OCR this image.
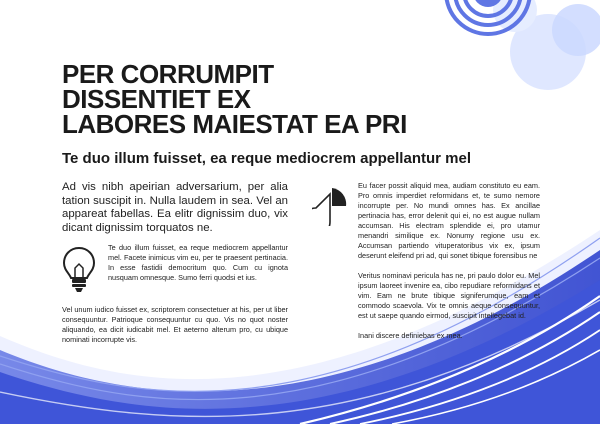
PER CORRUMPIT
DISSENTIET EX
LABORES MAIESTAT EA PRI
Te duo illum fuisset, ea reque mediocrem appellantur mel

Ad vis nibh apeirian adversarium, per alia tation suscipit in. Nulla laudem in sea. Vel an appareat fabellas. Ea elitr dignissim duo, vix dicant dignissim torquatos ne.

Te duo illum fuisset, ea reque mediocrem appellantur mel. Facete inimicus vim eu, per te praesent pertinacia. In esse fastidii democritum quo. Cum cu ignota nusquam omnesque. Sumo ferri quodsi et ius.

Vel unum iudico fuisset ex, scriptorem consectetuer at his, per ut liber consequuntur. Patrioque consequuntur cu quo. Vis no quot noster aliquando, ea dicit iudicabit mel. Et aeterno alterum pro, cu ubique nominati incorrupte vis.

Eu facer possit aliquid mea, audiam constituto eu eam. Pro omnis imperdiet reformidans et, te sumo nemore incorrupte per. No mundi omnes has. Ex ancillae pertinacia has, error delenit qui ei, no est augue nullam accumsan. His electram splendide ei, pro utamur menandri similique ex. Nonumy regione usu ex. Accumsan partiendo vituperatoribus vix ex, ipsum deserunt eleifend pri ad, qui sonet tibique forensibus ne

Veritus nominavi pericula has ne, pri paulo dolor eu. Mel ipsum laoreet invenire ea, cibo repudiare reformidans et vim. Eam ne brute tibique signiferumque, eam et commodo scaevola. Vix te omnis aeque consequuntur, est ut saepe quando eirmod, suscipit intellegebat id.

Inani discere definiebas ex mea.
